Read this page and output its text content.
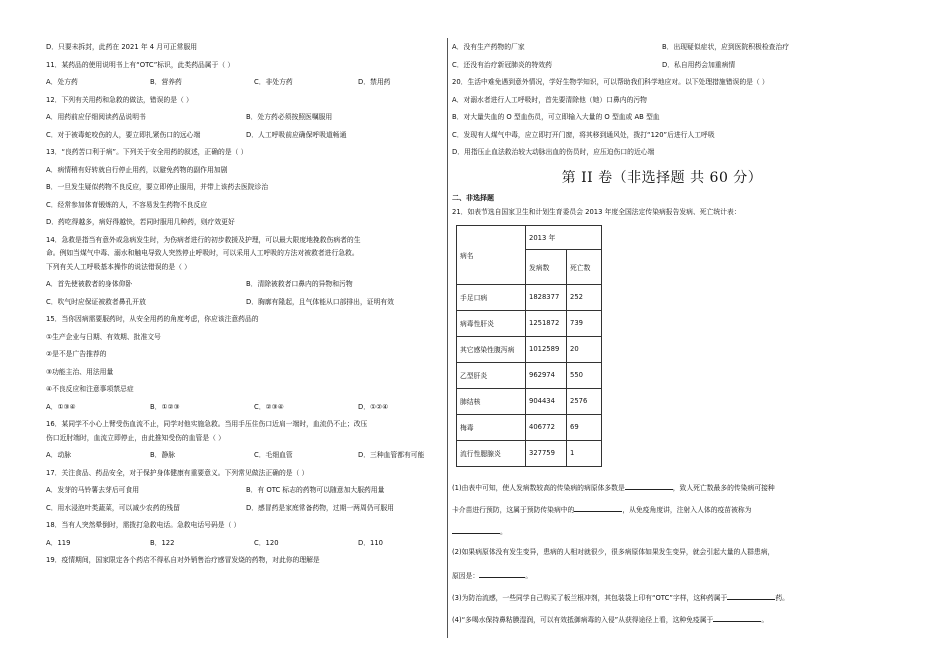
D．只要未拆封，此药在 2021 年 4 月可正常服用
11．某药品的使用说明书上有“OTC”标识，此类药品属于（ ）
A．处方药	B．营养药	C．非处方药	D．禁用药
12．下列有关用药和急救的做法，错误的是（ ）
A．用药前应仔细阅读药品说明书	B．处方药必须按照医嘱服用
C．对于被毒蛇咬伤的人，要立即扎紧伤口的远心端	D．人工呼吸前应确保呼吸道畅通
13．“良药苦口利于病”。下列关于安全用药的叙述，正确的是（ ）
A．病情稍有好转就自行停止用药，以避免药物的副作用加剧
B．一旦发生疑似药物不良反应，要立即停止服用，并带上该药去医院诊治
C．经常参加体育锻炼的人，不容易发生药物不良反应
D．药吃得越多，病好得越快，若同时服用几种药，则疗效更好
14．急救是指当有意外或急病发生时，为伤病者进行的初步救援及护理，可以最大限度地挽救伤病者的生
命。例如当煤气中毒、溺水和触电导致人突然停止呼吸时，可以采用人工呼吸的方法对被救者进行急救。
下列有关人工呼吸基本操作的说法错误的是（ ）
A．首先使被救者的身体仰卧	B．清除被救者口鼻内的异物和污物
C．吹气时应保证被救者鼻孔开放	D．胸廓有隆起，且气体能从口部排出，证明有效
15．当你因病需要服药时，从安全用药的角度考虑，你应该注意药品的
①生产企业与日期、有效期、批准文号
②是不是广告推荐的
③功能主治、用法用量
④不良反应和注意事项禁忌症
A．①③④	B．①②③	C．②③④	D．①②④
16．某同学不小心上臂受伤血流不止，同学对他实施急救。当用手压住伤口近肩一端时，血流仍不止；改压
伤口近肘端时，血流立即停止，由此推知受伤的血管是（ ）
A．动脉	B．静脉	C．毛细血管	D．三种血管都有可能
17．关注食品、药品安全，对于保护身体健康有重要意义。下列常见做法正确的是（ ）
A．发芽的马铃薯去芽后可食用	B．有 OTC 标志的药物可以随意加大服药用量
C．用水浸泡叶类蔬菜，可以减少农药的残留	D．感冒药是家庭常备药物，过期一两周仍可服用
18．当有人突然晕倒时，需拨打急救电话。急救电话号码是（ ）
A．119	B．122	C．120	D．110
19．疫情期间，国家限定各个药店不得私自对外销售治疗感冒发烧的药物，对此你的理解是
A．没有生产药物的厂家	B．出现疑似症状，应到医院积极检查治疗
C．还没有治疗新冠肺炎的特效药	D．私自用药会加重病情
20．生活中难免遇到意外情况，学好生物学知识，可以帮助我们科学地应对。以下处理措施错误的是（ ）
A．对溺水者进行人工呼吸时，首先要清除他（她）口鼻内的污物
B．对大量失血的 O 型血伤员，可立即输入大量的 O 型血或 AB 型血
C．发现有人煤气中毒，应立即打开门窗，将其移到通风处，拨打“120”后进行人工呼吸
D．用指压止血法救治较大动脉出血的伤员时，应压迫伤口的近心端
第 II 卷（非选择题 共 60 分）
二、非选择题
21．如表节选自国家卫生和计划生育委员会 2013 年度全国法定传染病报告发病、死亡统计表：
病名	2013 年	
	发病数	死亡数
手足口病	1828377	252
病毒性肝炎	1251872	739
其它感染性腹泻病	1012589	20
乙型肝炎	962974	550
肺结核	904434	2576
梅毒	406772	69
流行性腮腺炎	327759	1
(1)由表中可知，使人发病数较高的传染病的病原体多数是	，致人死亡数最多的传染病可接种
卡介苗进行预防，这属于预防传染病中的	，从免疫角度讲，注射入人体的疫苗被称为
。
(2)如果病原体没有发生变异，患病的人相对就很少，很多病原体如果发生变异，就会引起大量的人群患病，
原因是：	。
(3)为防治流感，一些同学自己购买了板兰根冲剂，其包装袋上印有“OTC”字样，这种药属于	药。
(4)“多喝水保持鼻粘膜湿润，可以有效抵御病毒的入侵”从获得途径上看，这种免疫属于	。
